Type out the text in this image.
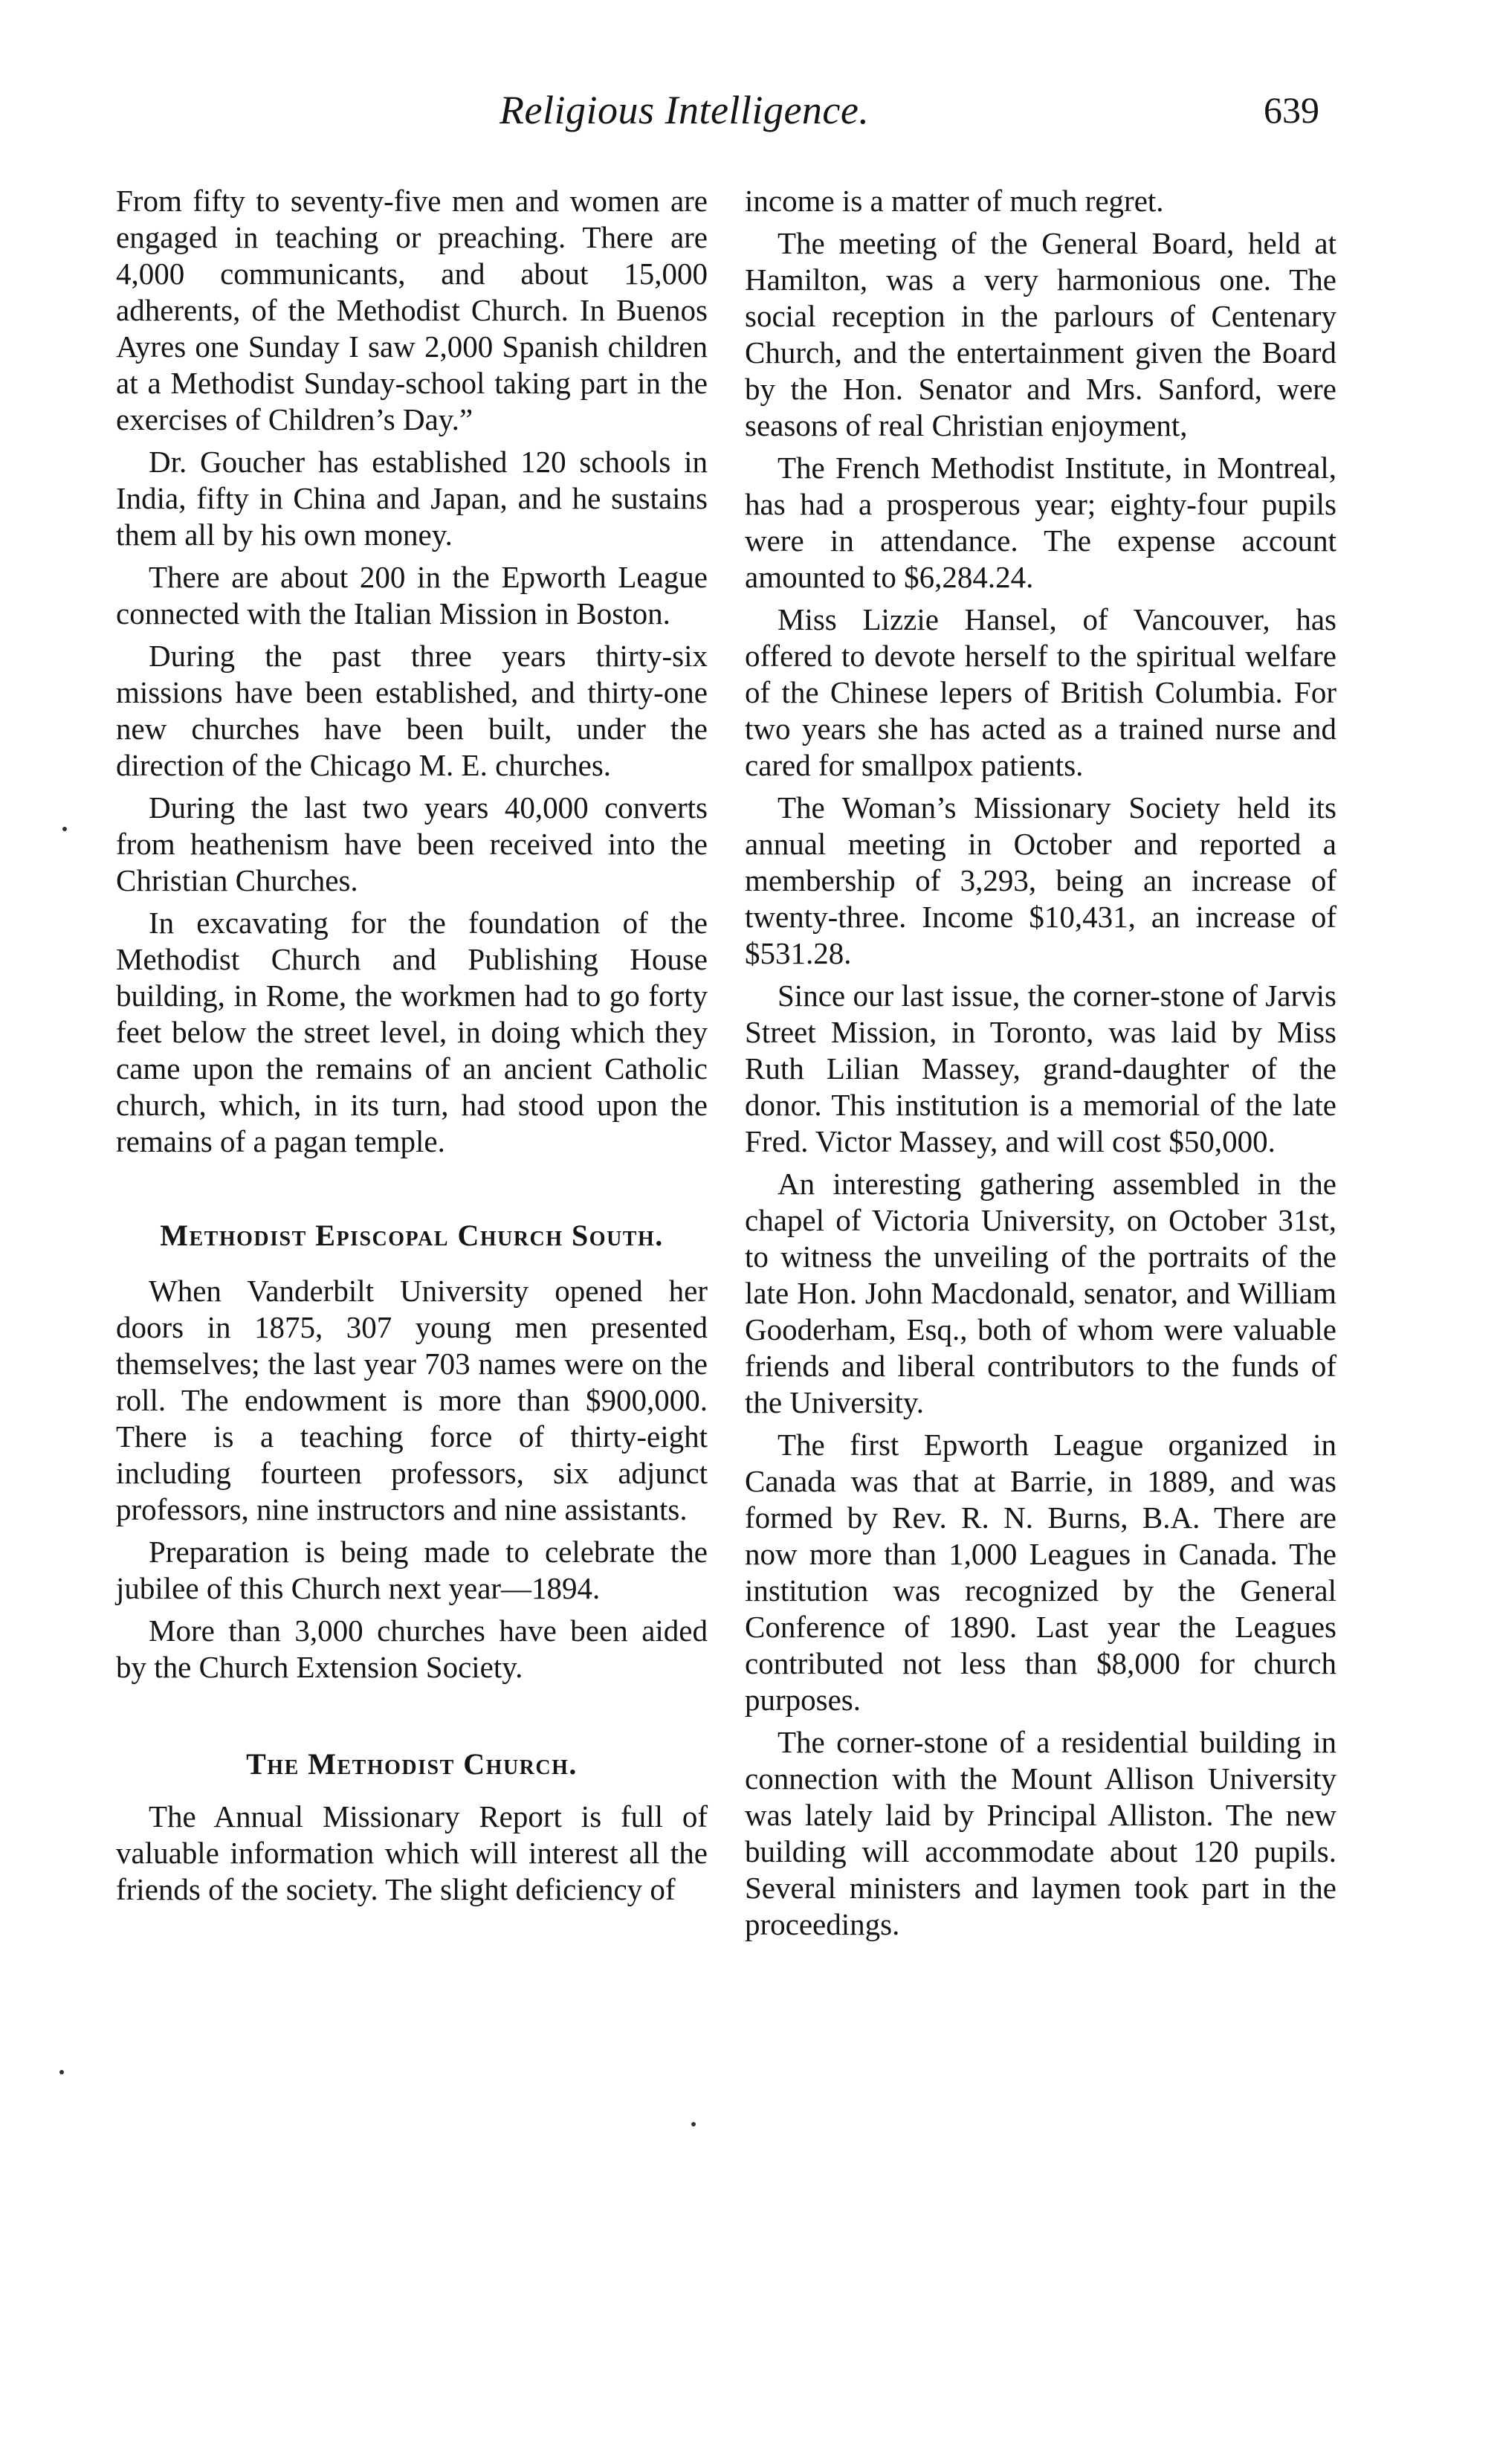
Religious Intelligence.	639

From fifty to seventy-five men and women are engaged in teaching or preaching. There are 4,000 communicants, and about 15,000 adherents, of the Methodist Church. In Buenos Ayres one Sunday I saw 2,000 Spanish children at a Methodist Sunday-school taking part in the exercises of Children’s Day.”

Dr. Goucher has established 120 schools in India, fifty in China and Japan, and he sustains them all by his own money.

There are about 200 in the Epworth League connected with the Italian Mission in Boston.

During the past three years thirty-six missions have been established, and thirty-one new churches have been built, under the direction of the Chicago M. E. churches.

During the last two years 40,000 converts from heathenism have been received into the Christian Churches.

In excavating for the foundation of the Methodist Church and Publishing House building, in Rome, the workmen had to go forty feet below the street level, in doing which they came upon the remains of an ancient Catholic church, which, in its turn, had stood upon the remains of a pagan temple.

Methodist Episcopal Church South.

When Vanderbilt University opened her doors in 1875, 307 young men presented themselves; the last year 703 names were on the roll. The endowment is more than $900,000. There is a teaching force of thirty-eight including fourteen professors, six adjunct professors, nine instructors and nine assistants.

Preparation is being made to celebrate the jubilee of this Church next year—1894.

More than 3,000 churches have been aided by the Church Extension Society.

The Methodist Church.

The Annual Missionary Report is full of valuable information which will interest all the friends of the society. The slight deficiency of

income is a matter of much regret.

The meeting of the General Board, held at Hamilton, was a very harmonious one. The social reception in the parlours of Centenary Church, and the entertainment given the Board by the Hon. Senator and Mrs. Sanford, were seasons of real Christian enjoyment,

The French Methodist Institute, in Montreal, has had a prosperous year; eighty-four pupils were in attendance. The expense account amounted to $6,284.24.

Miss Lizzie Hansel, of Vancouver, has offered to devote herself to the spiritual welfare of the Chinese lepers of British Columbia. For two years she has acted as a trained nurse and cared for smallpox patients.

The Woman’s Missionary Society held its annual meeting in October and reported a membership of 3,293, being an increase of twenty-three. Income $10,431, an increase of $531.28.

Since our last issue, the corner-stone of Jarvis Street Mission, in Toronto, was laid by Miss Ruth Lilian Massey, grand-daughter of the donor. This institution is a memorial of the late Fred. Victor Massey, and will cost $50,000.

An interesting gathering assembled in the chapel of Victoria University, on October 31st, to witness the unveiling of the portraits of the late Hon. John Macdonald, senator, and William Gooderham, Esq., both of whom were valuable friends and liberal contributors to the funds of the University.

The first Epworth League organized in Canada was that at Barrie, in 1889, and was formed by Rev. R. N. Burns, B.A. There are now more than 1,000 Leagues in Canada. The institution was recognized by the General Conference of 1890. Last year the Leagues contributed not less than $8,000 for church purposes.

The corner-stone of a residential building in connection with the Mount Allison University was lately laid by Principal Alliston. The new building will accommodate about 120 pupils. Several ministers and laymen took part in the proceedings.
